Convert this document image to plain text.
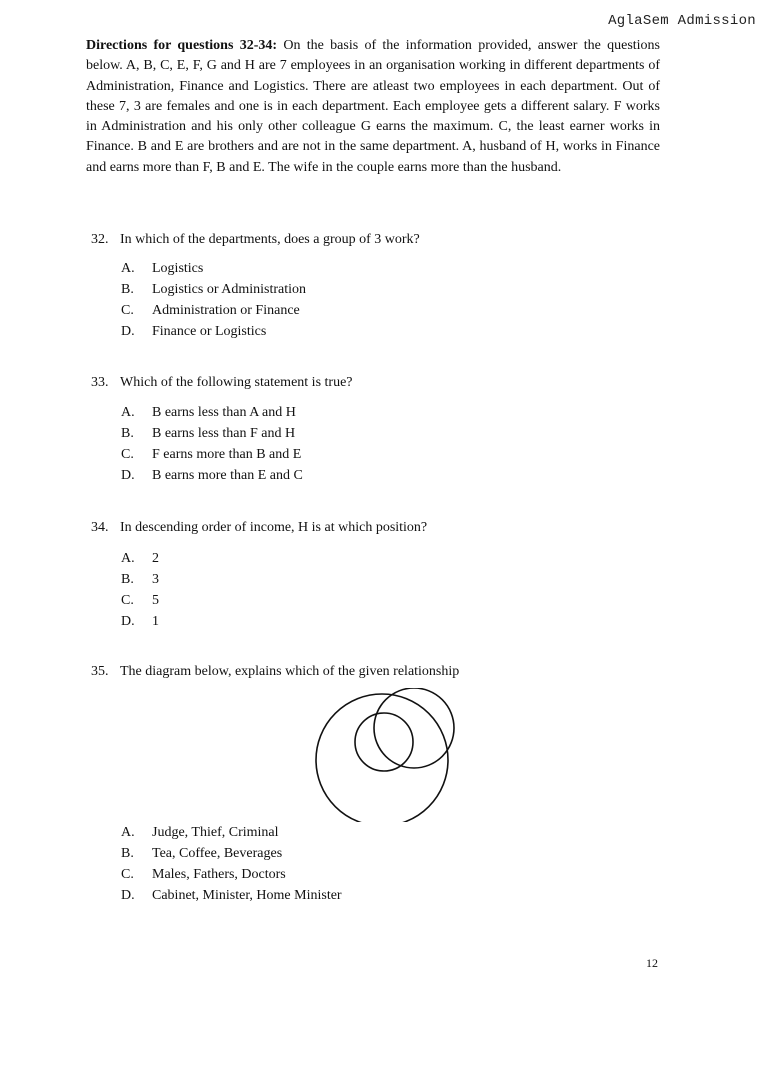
AglaSem Admission
Directions for questions 32-34: On the basis of the information provided, answer the questions below. A, B, C, E, F, G and H are 7 employees in an organisation working in different departments of Administration, Finance and Logistics. There are atleast two employees in each department. Out of these 7, 3 are females and one is in each department. Each employee gets a different salary. F works in Administration and his only other colleague G earns the maximum. C, the least earner works in Finance. B and E are brothers and are not in the same department. A, husband of H, works in Finance and earns more than F, B and E. The wife in the couple earns more than the husband.
32. In which of the departments, does a group of 3 work?
A.	Logistics
B.	Logistics or Administration
C.	Administration or Finance
D.	Finance or Logistics
33. Which of the following statement is true?
A.	B earns less than A and H
B.	B earns less than F and H
C.	F earns more than B and E
D.	B earns more than E and C
34. In descending order of income, H is at which position?
A.	2
B.	3
C.	5
D.	1
35. The diagram below, explains which of the given relationship
A.	Judge, Thief, Criminal
B.	Tea, Coffee, Beverages
C.	Males, Fathers, Doctors
D.	Cabinet, Minister, Home Minister
12
